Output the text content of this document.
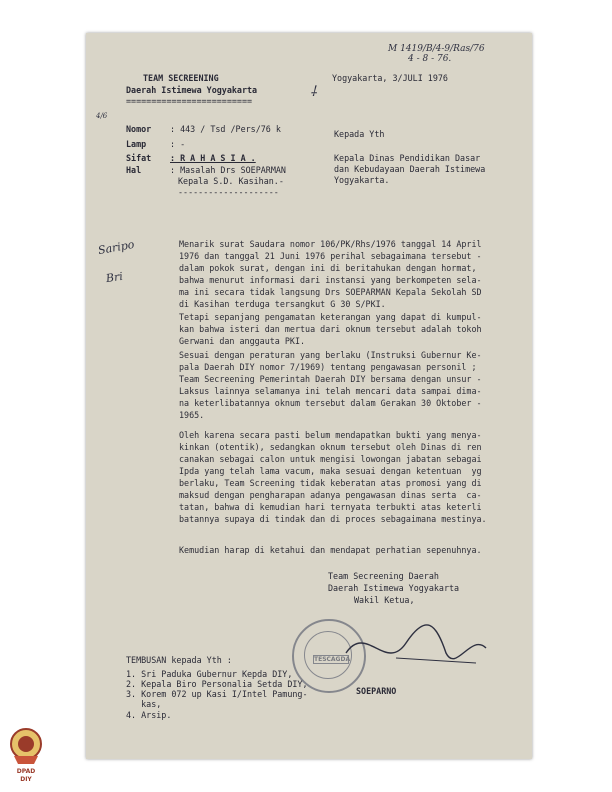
TEAM SECREENING
Daerah Istimewa Yogyakarta
=========================
Yogyakarta, 3/JULI 1976
M 1419/B/4-9/Ras/76
4 - 8 - 76.
⸸
4/6
Nomor : 443 / Tsd /Pers/76 k
Lamp	: -
Sifat : R A H A S I A .
Hal	: Masalah Drs SOEPARMAN
Kepala S.D. Kasihan.-
--------------------
Kepada Yth
Kepala Dinas Pendidikan Dasar
dan Kebudayaan Daerah Istimewa
Yogyakarta.
Saripo
Bri
Menarik surat Saudara nomor 106/PK/Rhs/1976 tanggal 14 April
1976 dan tanggal 21 Juni 1976 perihal sebagaimana tersebut -
dalam pokok surat, dengan ini di beritahukan dengan hormat,
bahwa menurut informasi dari instansi yang berkompeten sela-
ma ini secara tidak langsung Drs SOEPARMAN Kepala Sekolah SD
di Kasihan terduga tersangkut G 30 S/PKI.
Tetapi sepanjang pengamatan keterangan yang dapat di kumpul-
kan bahwa isteri dan mertua dari oknum tersebut adalah tokoh
Gerwani dan anggauta PKI.
Sesuai dengan peraturan yang berlaku (Instruksi Gubernur Ke-
pala Daerah DIY nomor 7/1969) tentang pengawasan personil ;
Team Secreening Pemerintah Daerah DIY bersama dengan unsur -
Laksus lainnya selamanya ini telah mencari data sampai dima-
na keterlibatannya oknum tersebut dalam Gerakan 30 Oktober -
1965.
Oleh karena secara pasti belum mendapatkan bukti yang menya-
kinkan (otentik), sedangkan oknum tersebut oleh Dinas di ren
canakan sebagai calon untuk mengisi lowongan jabatan sebagai
Ipda yang telah lama vacum, maka sesuai dengan ketentuan  yg
berlaku, Team Screening tidak keberatan atas promosi yang di
maksud dengan pengharapan adanya pengawasan dinas serta  ca-
tatan, bahwa di kemudian hari ternyata terbukti atas keterli
batannya supaya di tindak dan di proces sebagaimana mestinya.
Kemudian harap di ketahui dan mendapat perhatian sepenuhnya.
Team Secreening Daerah
Daerah Istimewa Yogyakarta
Wakil Ketua,
TESCAGDA
SOEPARNO
TEMBUSAN kepada Yth :
1. Sri Paduka Gubernur Kepda DIY,
2. Kepala Biro Personalia Setda DIY,
3. Korem 072 up Kasi I/Intel Pamung-
kas,
4. Arsip.
DPAD
DIY
